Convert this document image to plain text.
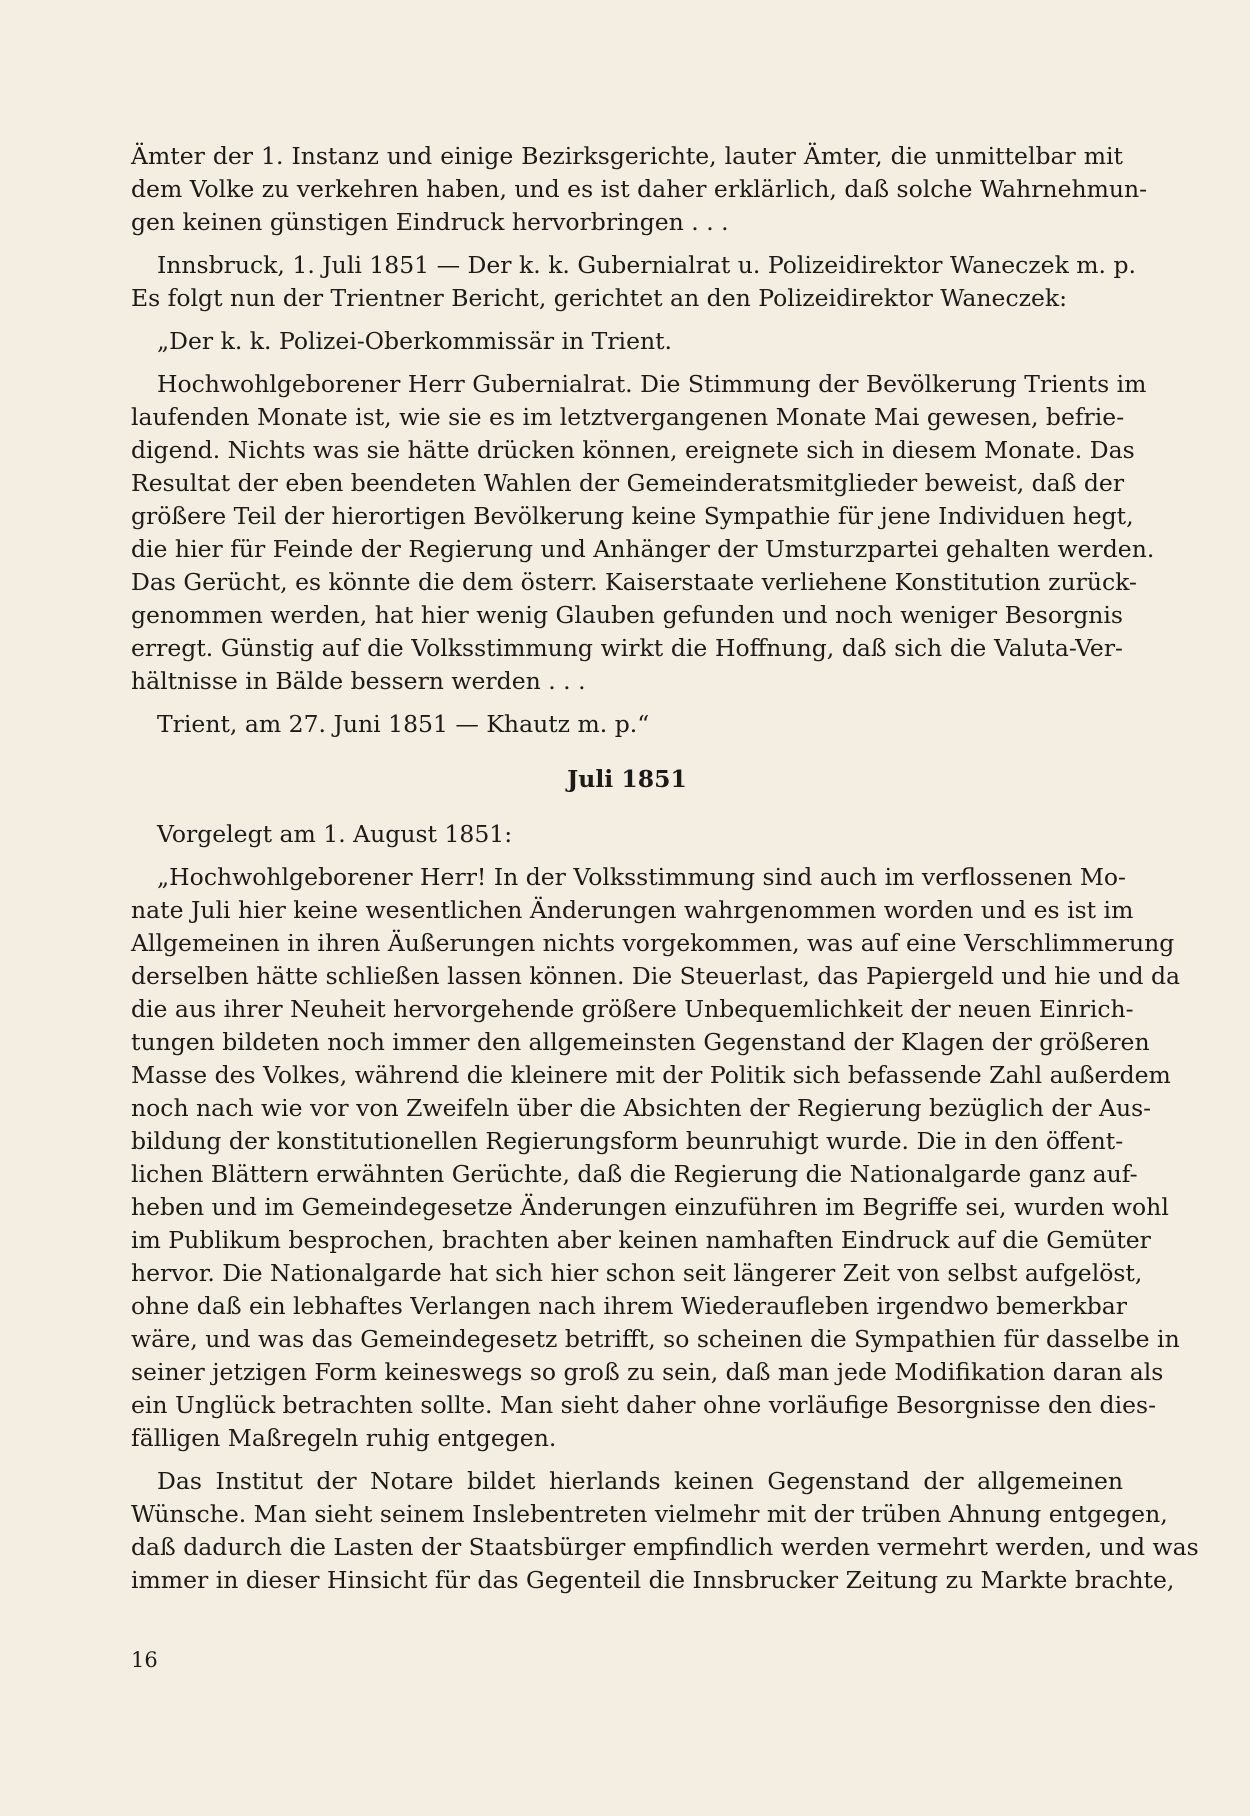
Ämter der 1. Instanz und einige Bezirksgerichte, lauter Ämter, die unmittelbar mit
dem Volke zu verkehren haben, und es ist daher erklärlich, daß solche Wahrnehmun-
gen keinen günstigen Eindruck hervorbringen . . .
Innsbruck, 1. Juli 1851 — Der k. k. Gubernialrat u. Polizeidirektor Waneczek m. p.
Es folgt nun der Trientner Bericht, gerichtet an den Polizeidirektor Waneczek:
„Der k. k. Polizei-Oberkommissär in Trient.
Hochwohlgeborener Herr Gubernialrat. Die Stimmung der Bevölkerung Trients im
laufenden Monate ist, wie sie es im letztvergangenen Monate Mai gewesen, befrie-
digend. Nichts was sie hätte drücken können, ereignete sich in diesem Monate. Das
Resultat der eben beendeten Wahlen der Gemeinderatsmitglieder beweist, daß der
größere Teil der hierortigen Bevölkerung keine Sympathie für jene Individuen hegt,
die hier für Feinde der Regierung und Anhänger der Umsturzpartei gehalten werden.
Das Gerücht, es könnte die dem österr. Kaiserstaate verliehene Konstitution zurück-
genommen werden, hat hier wenig Glauben gefunden und noch weniger Besorgnis
erregt. Günstig auf die Volksstimmung wirkt die Hoffnung, daß sich die Valuta-Ver-
hältnisse in Bälde bessern werden . . .
Trient, am 27. Juni 1851 — Khautz m. p.“
Juli 1851
Vorgelegt am 1. August 1851:
„Hochwohlgeborener Herr! In der Volksstimmung sind auch im verflossenen Mo-
nate Juli hier keine wesentlichen Änderungen wahrgenommen worden und es ist im
Allgemeinen in ihren Äußerungen nichts vorgekommen, was auf eine Verschlimmerung
derselben hätte schließen lassen können. Die Steuerlast, das Papiergeld und hie und da
die aus ihrer Neuheit hervorgehende größere Unbequemlichkeit der neuen Einrich-
tungen bildeten noch immer den allgemeinsten Gegenstand der Klagen der größeren
Masse des Volkes, während die kleinere mit der Politik sich befassende Zahl außerdem
noch nach wie vor von Zweifeln über die Absichten der Regierung bezüglich der Aus-
bildung der konstitutionellen Regierungsform beunruhigt wurde. Die in den öffent-
lichen Blättern erwähnten Gerüchte, daß die Regierung die Nationalgarde ganz auf-
heben und im Gemeindegesetze Änderungen einzuführen im Begriffe sei, wurden wohl
im Publikum besprochen, brachten aber keinen namhaften Eindruck auf die Gemüter
hervor. Die Nationalgarde hat sich hier schon seit längerer Zeit von selbst aufgelöst,
ohne daß ein lebhaftes Verlangen nach ihrem Wiederaufleben irgendwo bemerkbar
wäre, und was das Gemeindegesetz betrifft, so scheinen die Sympathien für dasselbe in
seiner jetzigen Form keineswegs so groß zu sein, daß man jede Modifikation daran als
ein Unglück betrachten sollte. Man sieht daher ohne vorläufige Besorgnisse den dies-
fälligen Maßregeln ruhig entgegen.
Das Institut der Notare bildet hierlands keinen Gegenstand der allgemeinen
Wünsche. Man sieht seinem Inslebentreten vielmehr mit der trüben Ahnung entgegen,
daß dadurch die Lasten der Staatsbürger empfindlich werden vermehrt werden, und was
immer in dieser Hinsicht für das Gegenteil die Innsbrucker Zeitung zu Markte brachte,
16
